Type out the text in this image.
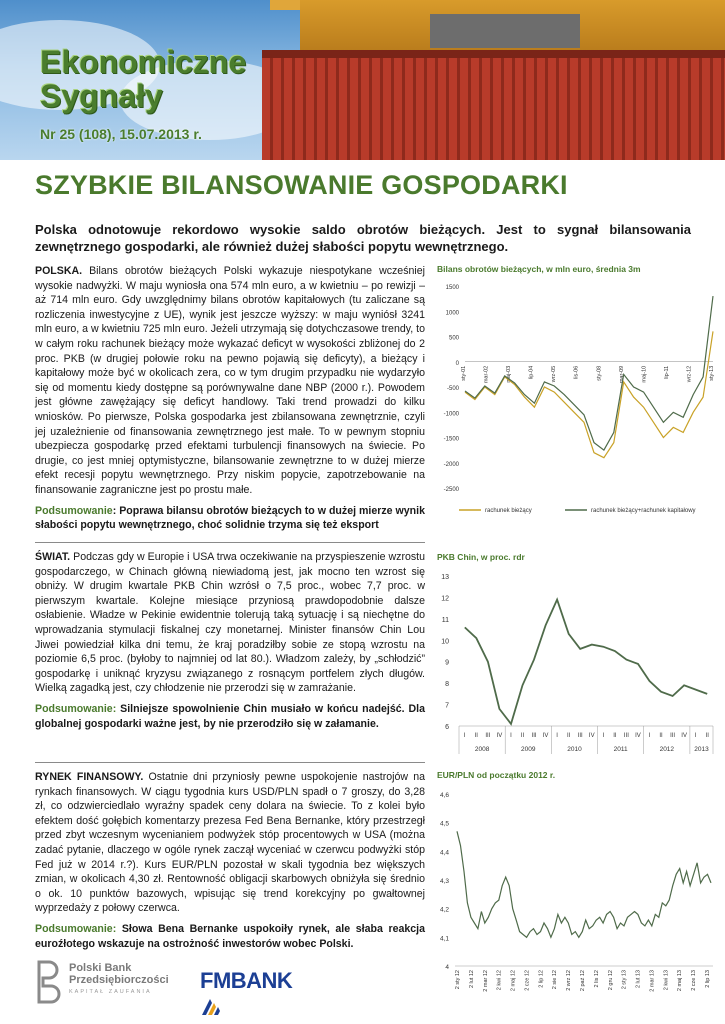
Ekonomiczne
Sygnały
Nr 25 (108), 15.07.2013 r.
SZYBKIE BILANSOWANIE GOSPODARKI

Polska odnotowuje rekordowo wysokie saldo obrotów bieżących. Jest to sygnał bilansowania zewnętrznego gospodarki, ale również dużej słabości popytu wewnętrznego.

POLSKA. Bilans obrotów bieżących Polski wykazuje niespotykane wcześniej wysokie nadwyżki. W maju wyniosła ona 574 mln euro, a w kwietniu – po rewizji – aż 714 mln euro. Gdy uwzględnimy bilans obrotów kapitałowych (tu zaliczane są rozliczenia inwestycyjne z UE), wynik jest jeszcze wyższy: w maju wyniósł 3241 mln euro, a w kwietniu 725 mln euro. Jeżeli utrzymają się dotychczasowe trendy, to w całym roku rachunek bieżący może wykazać deficyt w wysokości zbliżonej do 2 proc. PKB (w drugiej połowie roku na pewno pojawią się deficyty), a bieżący i kapitałowy może być w okolicach zera, co w tym drugim przypadku nie wydarzyło się od momentu kiedy dostępne są porównywalne dane NBP (2000 r.). Powodem jest główne zawężający się deficyt handlowy. Taki trend prowadzi do kilku wniosków. Po pierwsze, Polska gospodarka jest zbilansowana zewnętrznie, czyli jej uzależnienie od finansowania zewnętrznego jest małe. To w pewnym stopniu ubezpiecza gospodarkę przed efektami turbulencji finansowych na świecie. Po drugie, co jest mniej optymistyczne, bilansowanie zewnętrzne to w dużej mierze efekt recesji popytu wewnętrznego. Przy niskim popycie, zapotrzebowanie na finansowanie zagraniczne jest po prostu małe.
Podsumowanie: Poprawa bilansu obrotów bieżących to w dużej mierze wynik słabości popytu wewnętrznego, choć solidnie trzyma się też eksport
ŚWIAT. Podczas gdy w Europie i USA trwa oczekiwanie na przyspieszenie wzrostu gospodarczego, w Chinach główną niewiadomą jest, jak mocno ten wzrost się obniży. W drugim kwartale PKB Chin wzrósł o 7,5 proc., wobec 7,7 proc. w pierwszym kwartale. Kolejne miesiące przyniosą prawdopodobnie dalsze osłabienie. Władze w Pekinie ewidentnie tolerują taką sytuację i są niechętne do wprowadzania stymulacji fiskalnej czy monetarnej. Minister finansów Chin Lou Jiwei powiedział kilka dni temu, że kraj poradziłby sobie ze stopą wzrostu na poziomie 6,5 proc. (byłoby to najmniej od lat 80.). Władzom zależy, by „schłodzić” gospodarkę i uniknąć kryzysu związanego z rosnącym portfelem złych długów. Wielką zagadką jest, czy chłodzenie nie przerodzi się w zamrażanie.
Podsumowanie: Silniejsze spowolnienie Chin musiało w końcu nadejść. Dla globalnej gospodarki ważne jest, by nie przerodziło się w załamanie.
RYNEK FINANSOWY. Ostatnie dni przyniosły pewne uspokojenie nastrojów na rynkach finansowych. W ciągu tygodnia kurs USD/PLN spadł o 7 groszy, do 3,28 zł, co odzwierciedlało wyraźny spadek ceny dolara na świecie. To z kolei było efektem dość gołębich komentarzy prezesa Fed Bena Bernanke, który przestrzegł przed zbyt wczesnym wycenianiem podwyżek stóp procentowych w USA (można zadać pytanie, dlaczego w ogóle rynek zaczął wyceniać w czerwcu podwyżki stóp Fed już w 2014 r.?). Kurs EUR/PLN pozostał w skali tygodnia bez większych zmian, w okolicach 4,30 zł. Rentowność obligacji skarbowych obniżyła się średnio o ok. 10 punktów bazowych, wpisując się trend korekcyjny po gwałtownej wyprzedaży z połowy czerwca.
Podsumowanie: Słowa Bena Bernanke uspokoiły rynek, ale słaba reakcja euroźłotego wskazuje na ostrożność inwestorów wobec Polski.
1500
1000
500
0
-500
-1000
-1500
-2000
-2500
sty-01	mar-02	maj-03	lip-04	wrz-05	lis-06	sty-08	mar-09	maj-10	lip-11	wrz-12	sty-13
rachunek bieżący	rachunek bieżący+rachunek kapitałowy
Bilans obrotów bieżących, w mln euro, średnia 3m
13
12
11
10
9
8
7
6
I II III IV I II III IV I II III IV I II III IV I II III IV I II
2008	2009	2010	2011	2012	2013
PKB Chin, w proc. rdr
4,6
4,5
4,4
4,3
4,2
4,1
4
2 sty 12 2 lut 12 2 mar 12 2 kwi 12 2 maj 12 2 cze 12 2 lip 12 2 sie 12 2 wrz 12 2 paź 12 2 lis 12 2 gru 12 2 sty 13 2 lut 13 2 mar 13 2 kwi 13 2 maj 13 2 cze 13 2 lip 13
EUR/PLN od początku 2012 r.
Polski Bank
Przedsiębiorczości
KAPITAŁ ZAUFANIA FMBANK
